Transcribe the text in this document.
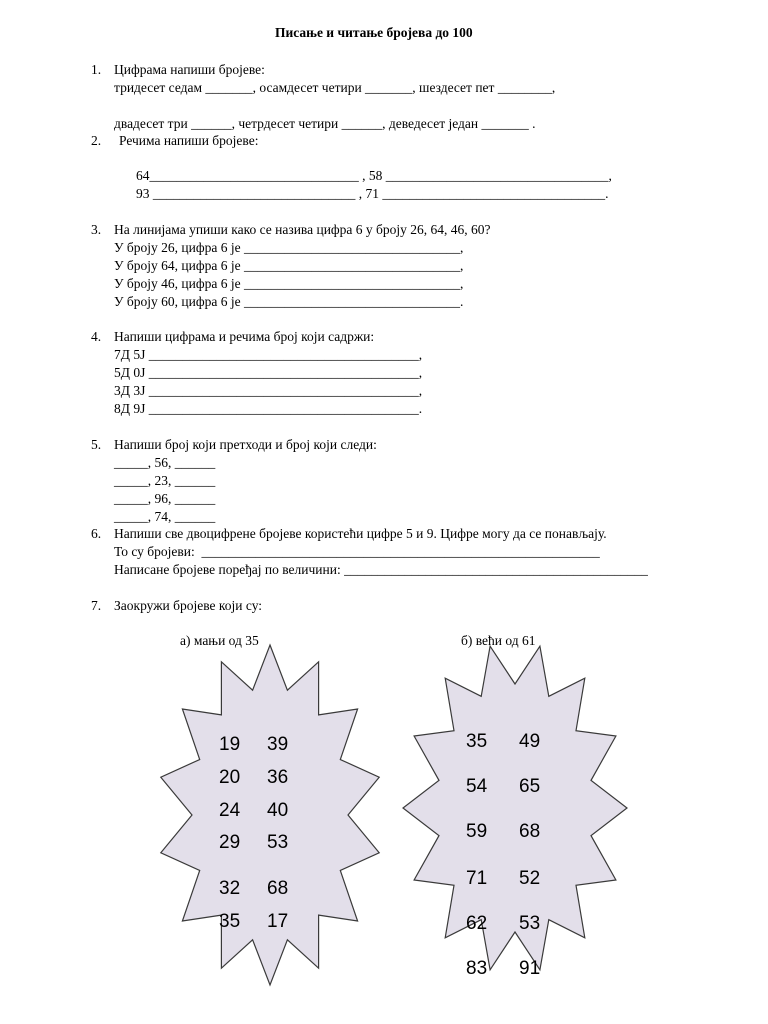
Писање и читање бројева до 100
1. Цифрама напиши бројеве:
тридесет седам _______, осамдесет четири _______, шездесет пет ________,
двадесет три ______, четрдесет четири ______, деведесет један _______ .
2. Речима напиши бројеве:
64_______________________________ , 58 _________________________________,
93 ______________________________ , 71 _________________________________.
3. На линијама упиши како се назива цифра 6 у броју 26, 64, 46, 60?
У броју 26, цифра 6 је ________________________________,
У броју 64, цифра 6 је ________________________________,
У броју 46, цифра 6 је ________________________________,
У броју 60, цифра 6 је ________________________________.
4. Напиши цифрама и речима број који садржи:
7Д 5Ј ________________________________________,
5Д 0Ј ________________________________________,
3Д 3Ј ________________________________________,
8Д 9Ј ________________________________________.
5. Напиши број који претходи и број који следи:
_____, 56, ______
_____, 23, ______
_____, 96, ______
_____, 74, ______
6. Напиши све двоцифрене бројеве користећи цифре 5 и 9. Цифре могу да се понављају.
То су бројеви:  ___________________________________________________________
Написане бројеве поређај по величини: _____________________________________________
7. Заокружи бројеве који су:
а) мањи од 35	б) већи од 61
19 39
20 36
24 40
29 53
32 68
35 17
35 49
54 65
59 68
71 52
62 53
83 91
